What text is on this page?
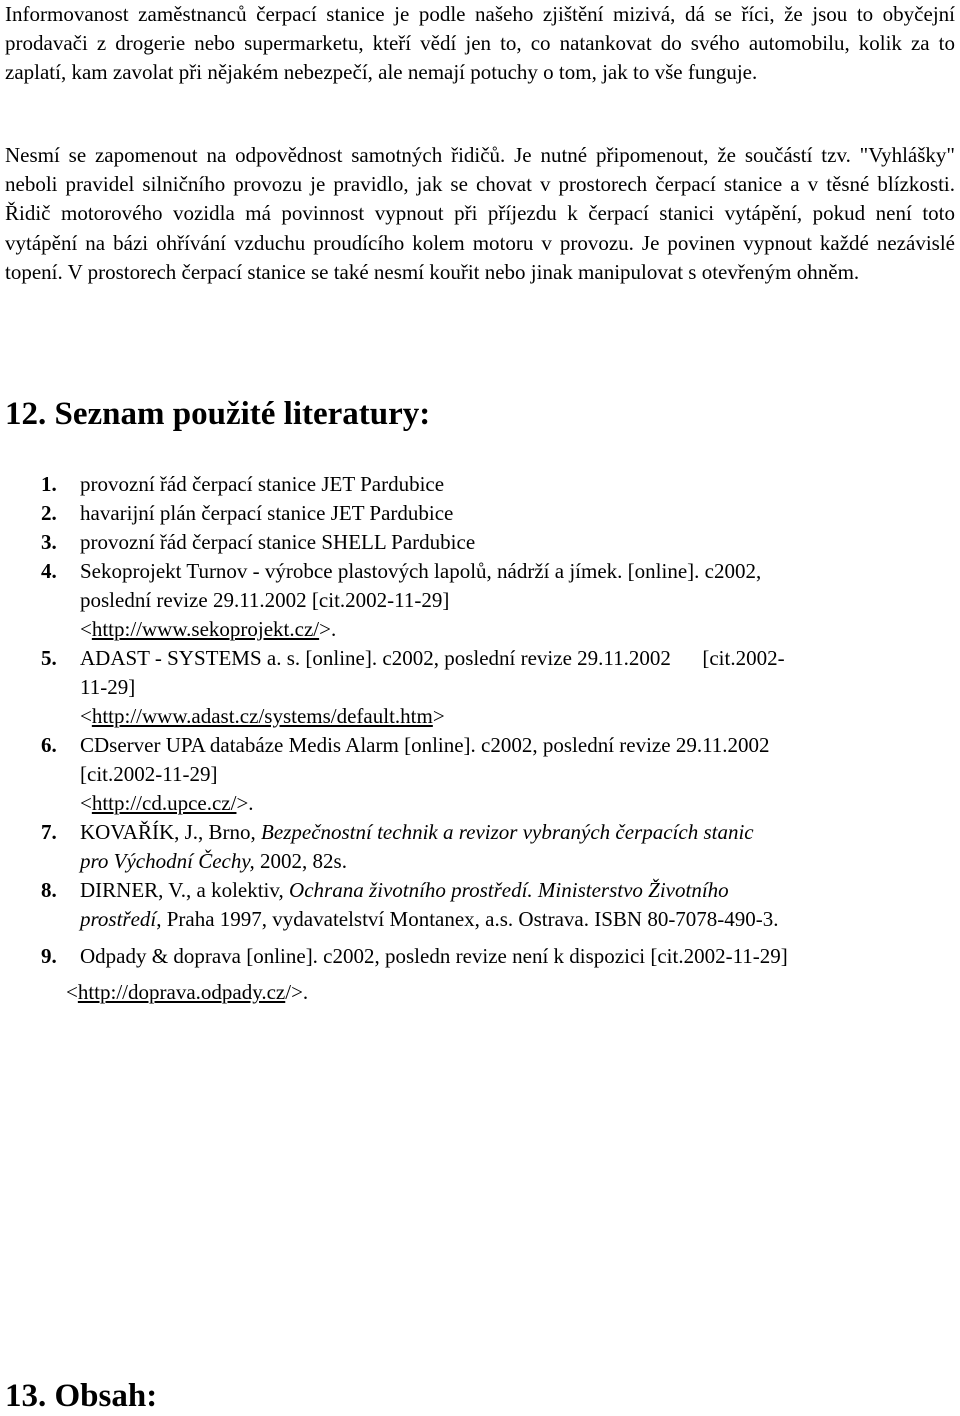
Informovanost zaměstnanců čerpací stanice je podle našeho zjištění mizivá, dá se říci, že jsou to obyčejní prodavači z drogerie nebo supermarketu, kteří vědí jen to, co natankovat do svého automobilu, kolik za to zaplatí, kam zavolat při nějakém nebezpečí, ale nemají potuchy o tom, jak to vše funguje.

Nesmí se zapomenout na odpovědnost samotných řidičů. Je nutné připomenout, že součástí tzv. "Vyhlášky" neboli pravidel silničního provozu je pravidlo, jak se chovat v prostorech čerpací stanice a v těsné blízkosti. Řidič motorového vozidla má povinnost vypnout při příjezdu k čerpací stanici vytápění, pokud není toto vytápění na bázi ohřívání vzduchu proudícího kolem motoru v provozu. Je povinen vypnout každé nezávislé topení. V prostorech čerpací stanice se také nesmí kouřit nebo jinak manipulovat s otevřeným ohněm.

12. Seznam použité literatury:
1. provozní řád čerpací stanice JET Pardubice
2. havarijní plán čerpací stanice JET Pardubice
3. provozní řád čerpací stanice SHELL Pardubice
4. Sekoprojekt Turnov - výrobce plastových lapolů, nádrží a jímek. [online]. c2002,
poslední revize 29.11.2002 [cit.2002-11-29]
<http://www.sekoprojekt.cz/>.
5. ADAST - SYSTEMS a. s. [online]. c2002, poslední revize 29.11.2002      [cit.2002-
11-29]
<http://www.adast.cz/systems/default.htm>
6. CDserver UPA databáze Medis Alarm [online]. c2002, poslední revize 29.11.2002
[cit.2002-11-29]
<http://cd.upce.cz/>.
7. KOVAŘÍK, J., Brno, Bezpečnostní technik a revizor vybraných čerpacích stanic
pro Východní Čechy, 2002, 82s.
8. DIRNER, V., a kolektiv, Ochrana životního prostředí. Ministerstvo Životního
prostředí, Praha 1997, vydavatelství Montanex, a.s. Ostrava. ISBN 80-7078-490-3.
9. Odpady & doprava [online]. c2002, posledn revize není k dispozici [cit.2002-11-29]
<http://doprava.odpady.cz/>.
13. Obsah:
